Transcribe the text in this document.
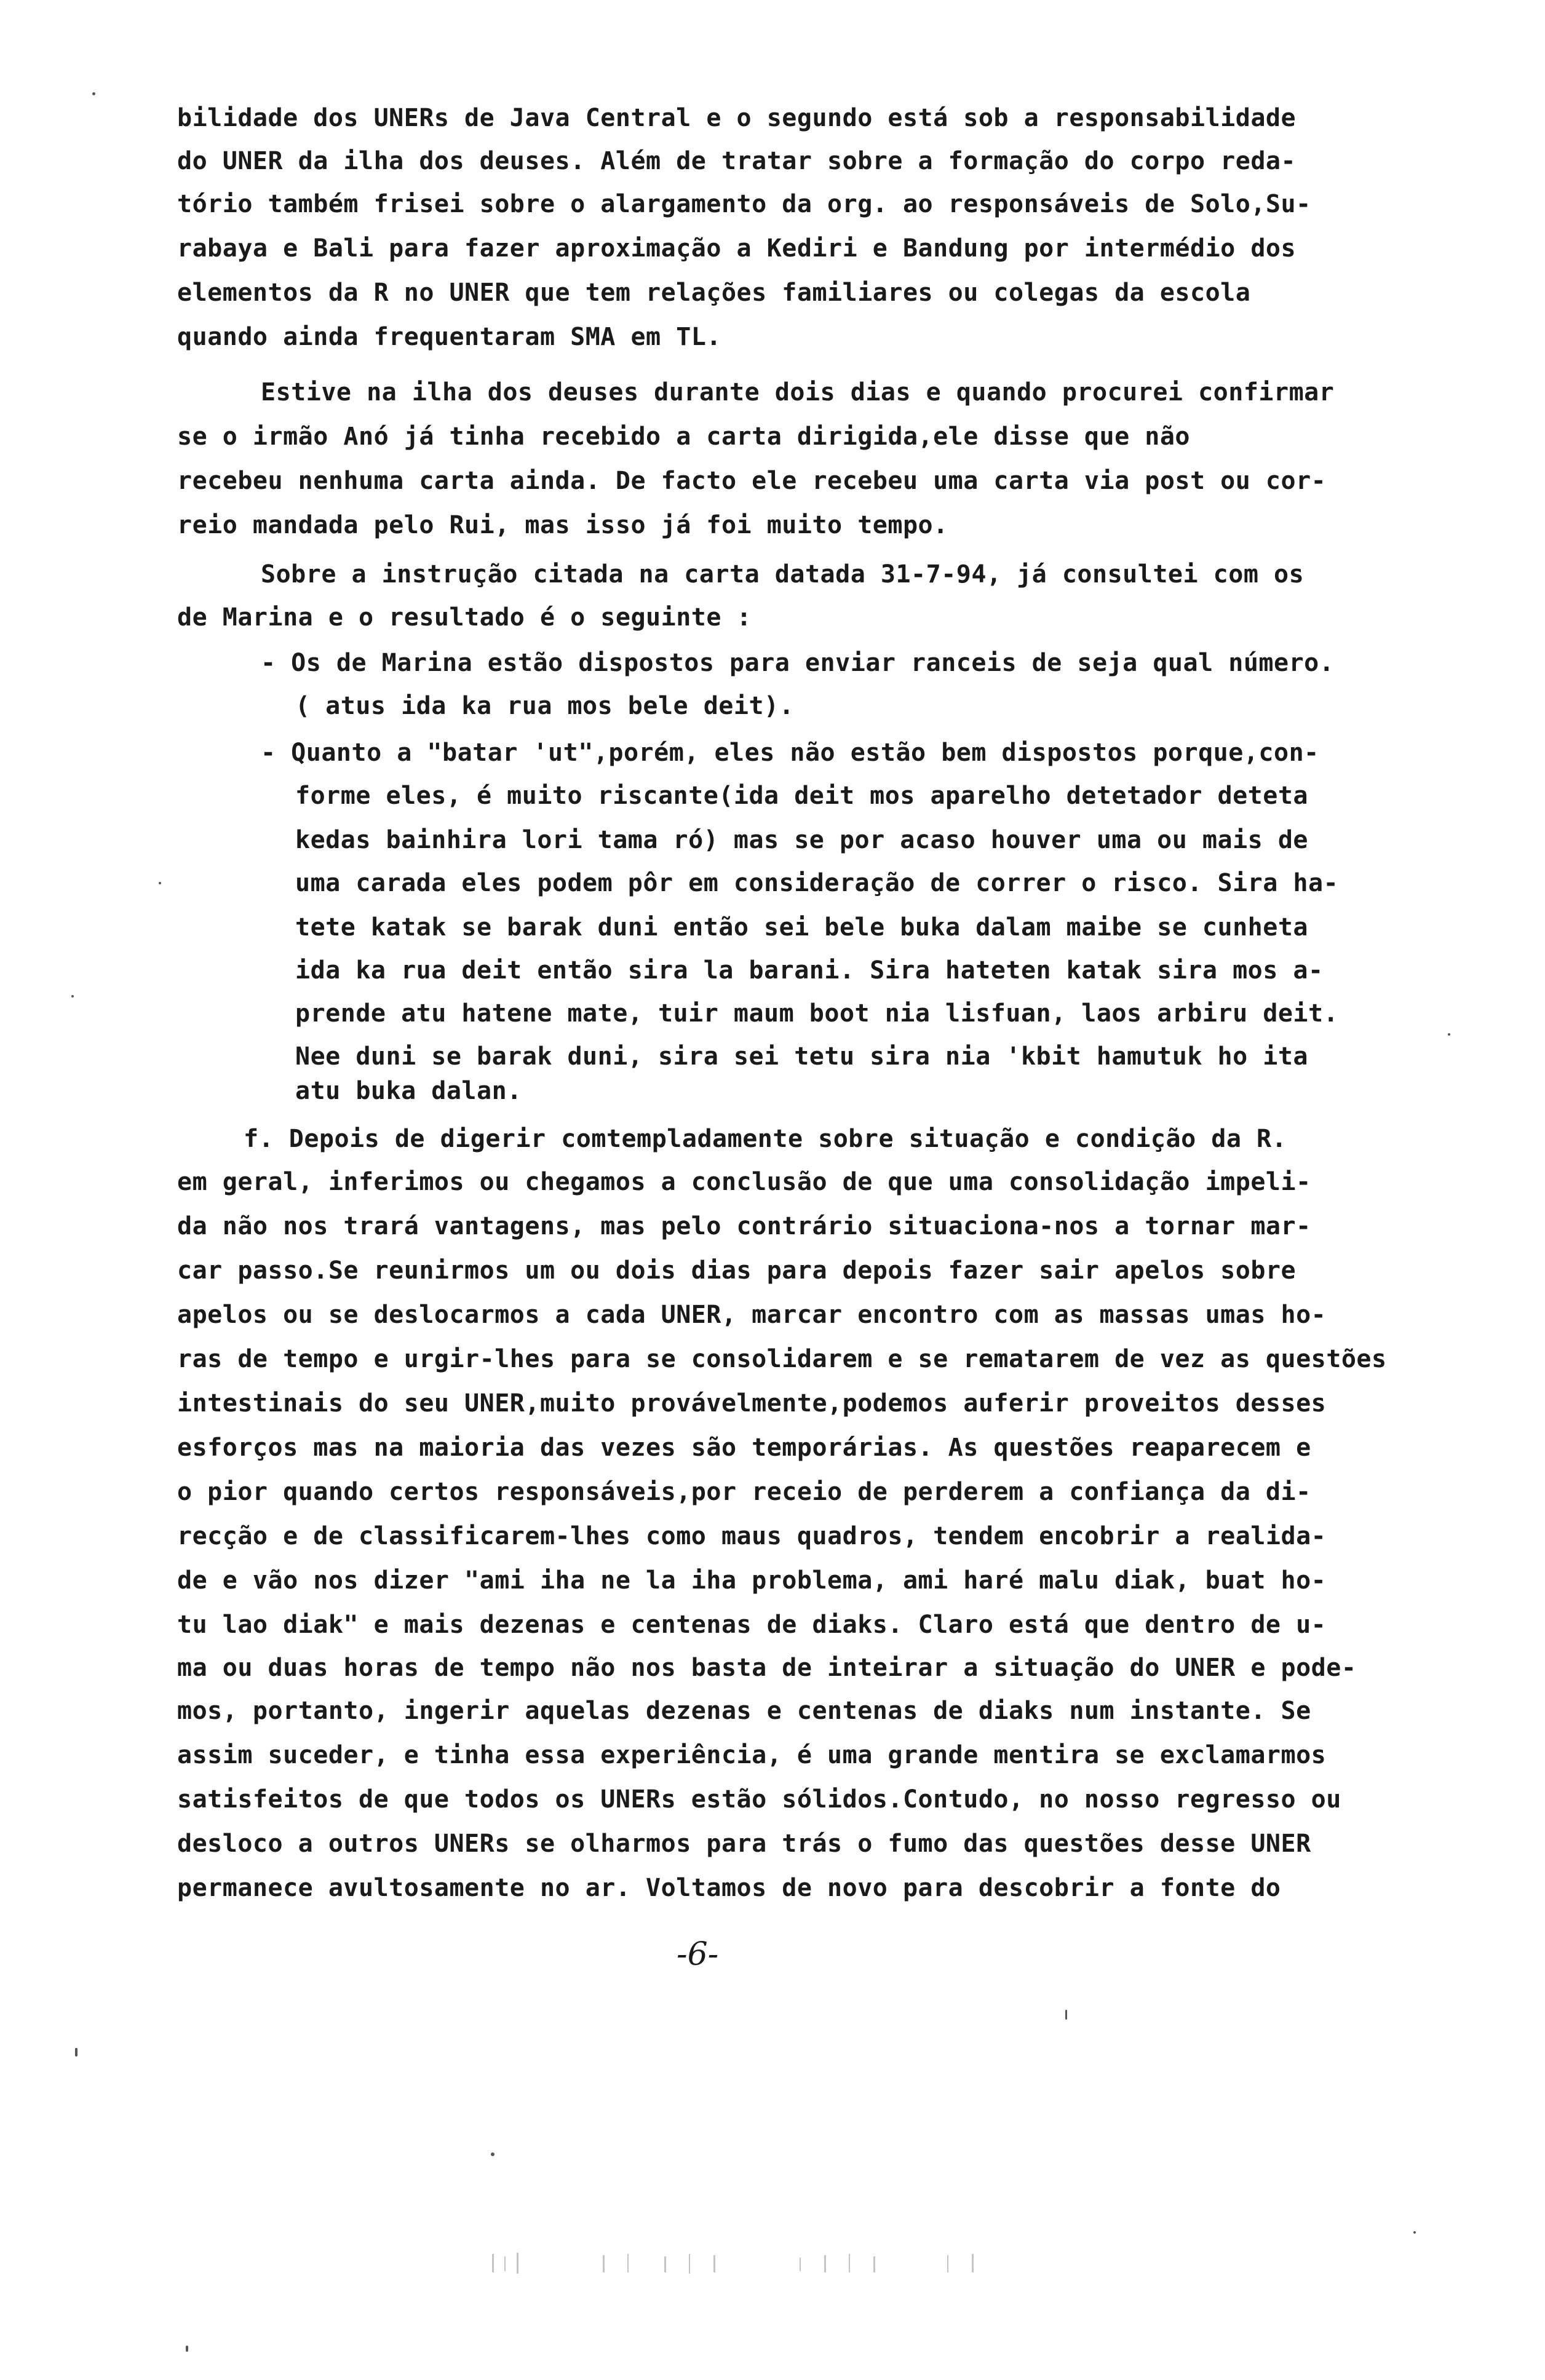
bilidade dos UNERs de Java Central e o segundo está sob a responsabilidade
do UNER da ilha dos deuses. Além de tratar sobre a formação do corpo reda-
tório também frisei sobre o alargamento da org. ao responsáveis de Solo,Su-
rabaya e Bali para fazer aproximação a Kediri e Bandung por intermédio dos
elementos da R no UNER que tem relações familiares ou colegas da escola
quando ainda frequentaram SMA em TL.
Estive na ilha dos deuses durante dois dias e quando procurei confirmar
se o irmão Anó já tinha recebido a carta dirigida,ele disse que não
recebeu nenhuma carta ainda. De facto ele recebeu uma carta via post ou cor-
reio mandada pelo Rui, mas isso já foi muito tempo.
Sobre a instrução citada na carta datada 31-7-94, já consultei com os
de Marina e o resultado é o seguinte :
- Os de Marina estão dispostos para enviar ranceis de seja qual número.
( atus ida ka rua mos bele deit).
- Quanto a "batar 'ut",porém, eles não estão bem dispostos porque,con-
forme eles, é muito riscante(ida deit mos aparelho detetador deteta
kedas bainhira lori tama ró) mas se por acaso houver uma ou mais de
uma carada eles podem pôr em consideração de correr o risco. Sira ha-
tete katak se barak duni então sei bele buka dalam maibe se cunheta
ida ka rua deit então sira la barani. Sira hateten katak sira mos a-
prende atu hatene mate, tuir maum boot nia lisfuan, laos arbiru deit.
Nee duni se barak duni, sira sei tetu sira nia 'kbit hamutuk ho ita
atu buka dalan.
f. Depois de digerir comtempladamente sobre situação e condição da R.
em geral, inferimos ou chegamos a conclusão de que uma consolidação impeli-
da não nos trará vantagens, mas pelo contrário situaciona-nos a tornar mar-
car passo.Se reunirmos um ou dois dias para depois fazer sair apelos sobre
apelos ou se deslocarmos a cada UNER, marcar encontro com as massas umas ho-
ras de tempo e urgir-lhes para se consolidarem e se rematarem de vez as questões
intestinais do seu UNER,muito provávelmente,podemos auferir proveitos desses
esforços mas na maioria das vezes são temporárias. As questões reaparecem e
o pior quando certos responsáveis,por receio de perderem a confiança da di-
recção e de classificarem-lhes como maus quadros, tendem encobrir a realida-
de e vão nos dizer "ami iha ne la iha problema, ami haré malu diak, buat ho-
tu lao diak" e mais dezenas e centenas de diaks. Claro está que dentro de u-
ma ou duas horas de tempo não nos basta de inteirar a situação do UNER e pode-
mos, portanto, ingerir aquelas dezenas e centenas de diaks num instante. Se
assim suceder, e tinha essa experiência, é uma grande mentira se exclamarmos
satisfeitos de que todos os UNERs estão sólidos.Contudo, no nosso regresso ou
desloco a outros UNERs se olharmos para trás o fumo das questões desse UNER
permanece avultosamente no ar. Voltamos de novo para descobrir a fonte do
-6-
